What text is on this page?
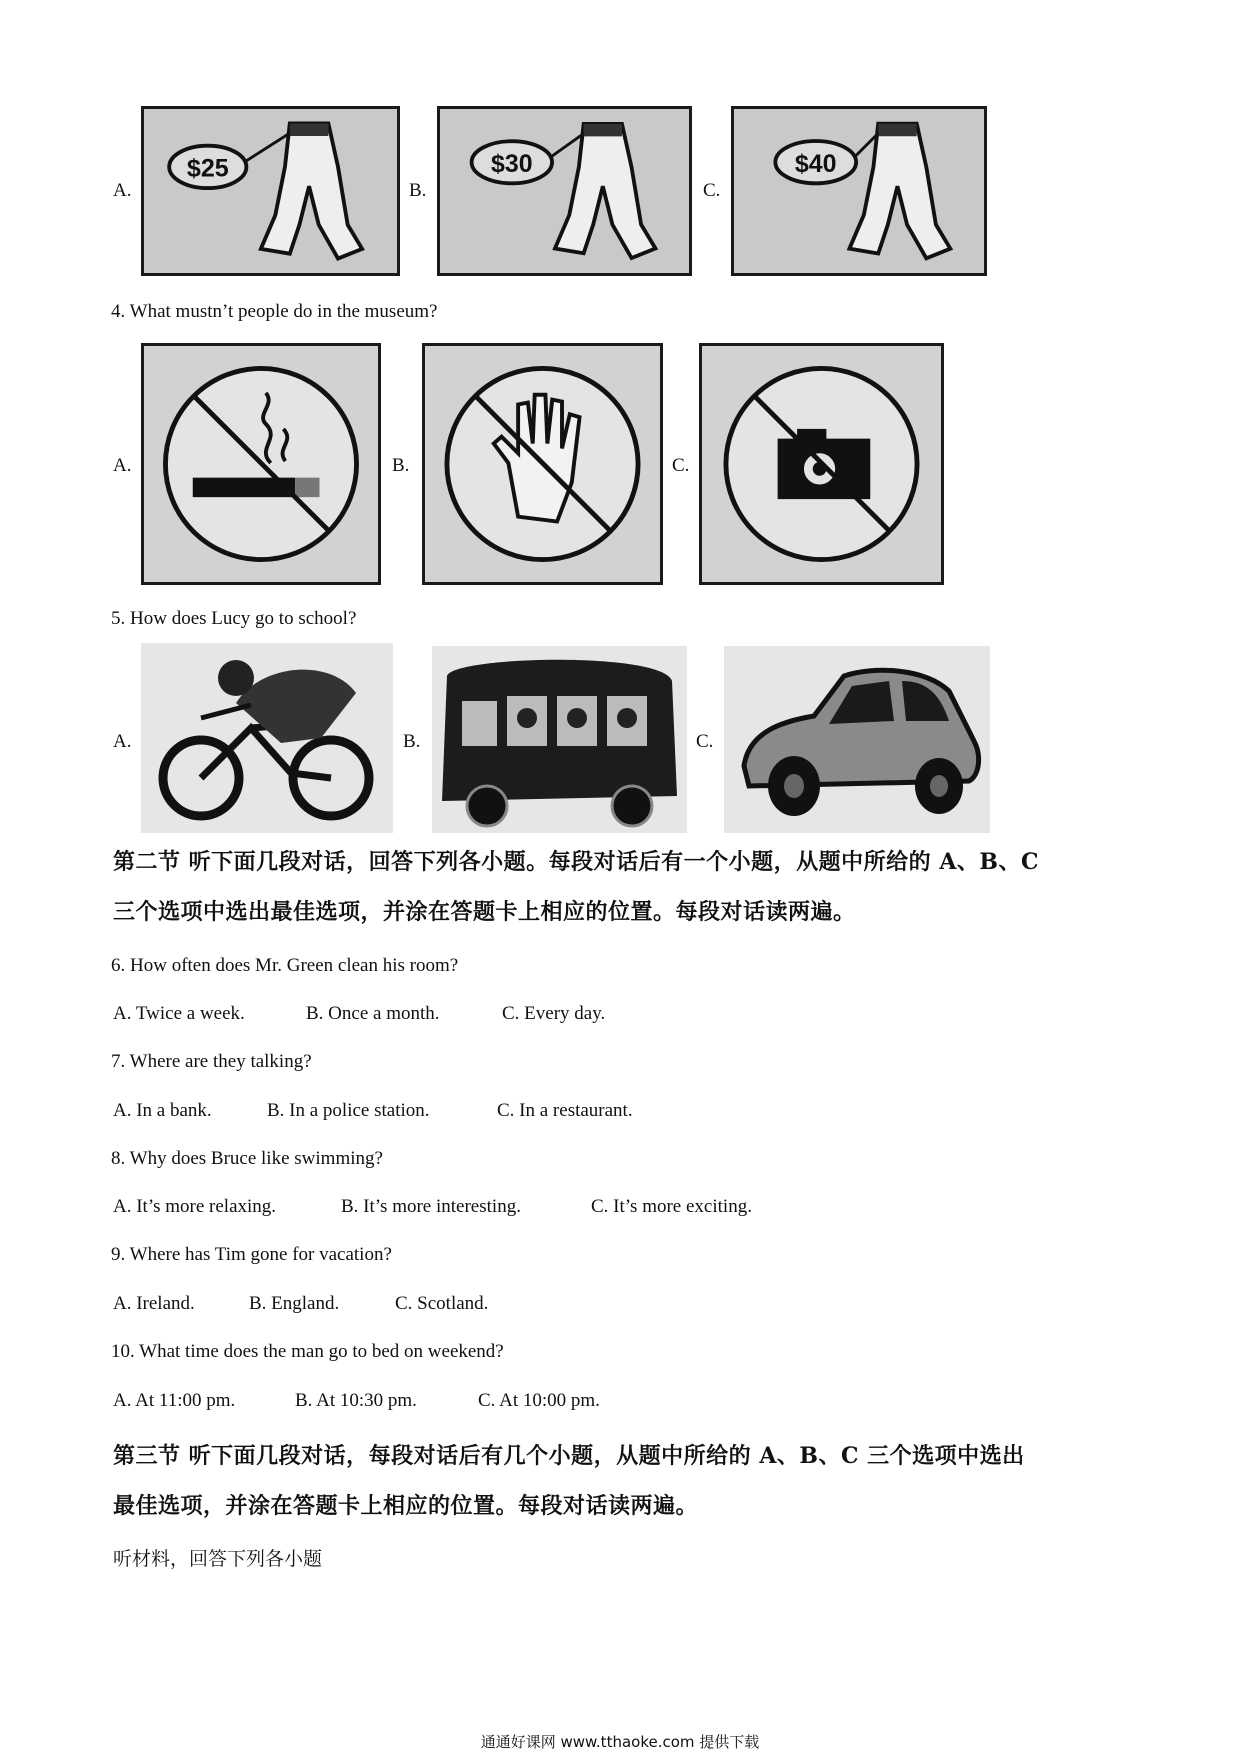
A.
$25
B.
$30
C.
$40
4. What mustn’t people do in the museum?
A.	B.	C.
5. How does Lucy go to school?
A.	B.	C.
第二节 听下面几段对话，回答下列各小题。每段对话后有一个小题，从题中所给的 A、B、C
三个选项中选出最佳选项，并涂在答题卡上相应的位置。每段对话读两遍。
6. How often does Mr. Green clean his room?
A. Twice a week.	B. Once a month.	C. Every day.
7. Where are they talking?
A. In a bank.	B. In a police station.	C. In a restaurant.
8. Why does Bruce like swimming?
A. It’s more relaxing.	B. It’s more interesting.	C. It’s more exciting.
9. Where has Tim gone for vacation?
A. Ireland.	B. England.	C. Scotland.
10. What time does the man go to bed on weekend?
A. At 11:00 pm.	B. At 10:30 pm.	C. At 10:00 pm.
第三节 听下面几段对话，每段对话后有几个小题，从题中所给的 A、B、C 三个选项中选出
最佳选项，并涂在答题卡上相应的位置。每段对话读两遍。
听材料，回答下列各小题
通通好课网 www.tthaoke.com 提供下载
